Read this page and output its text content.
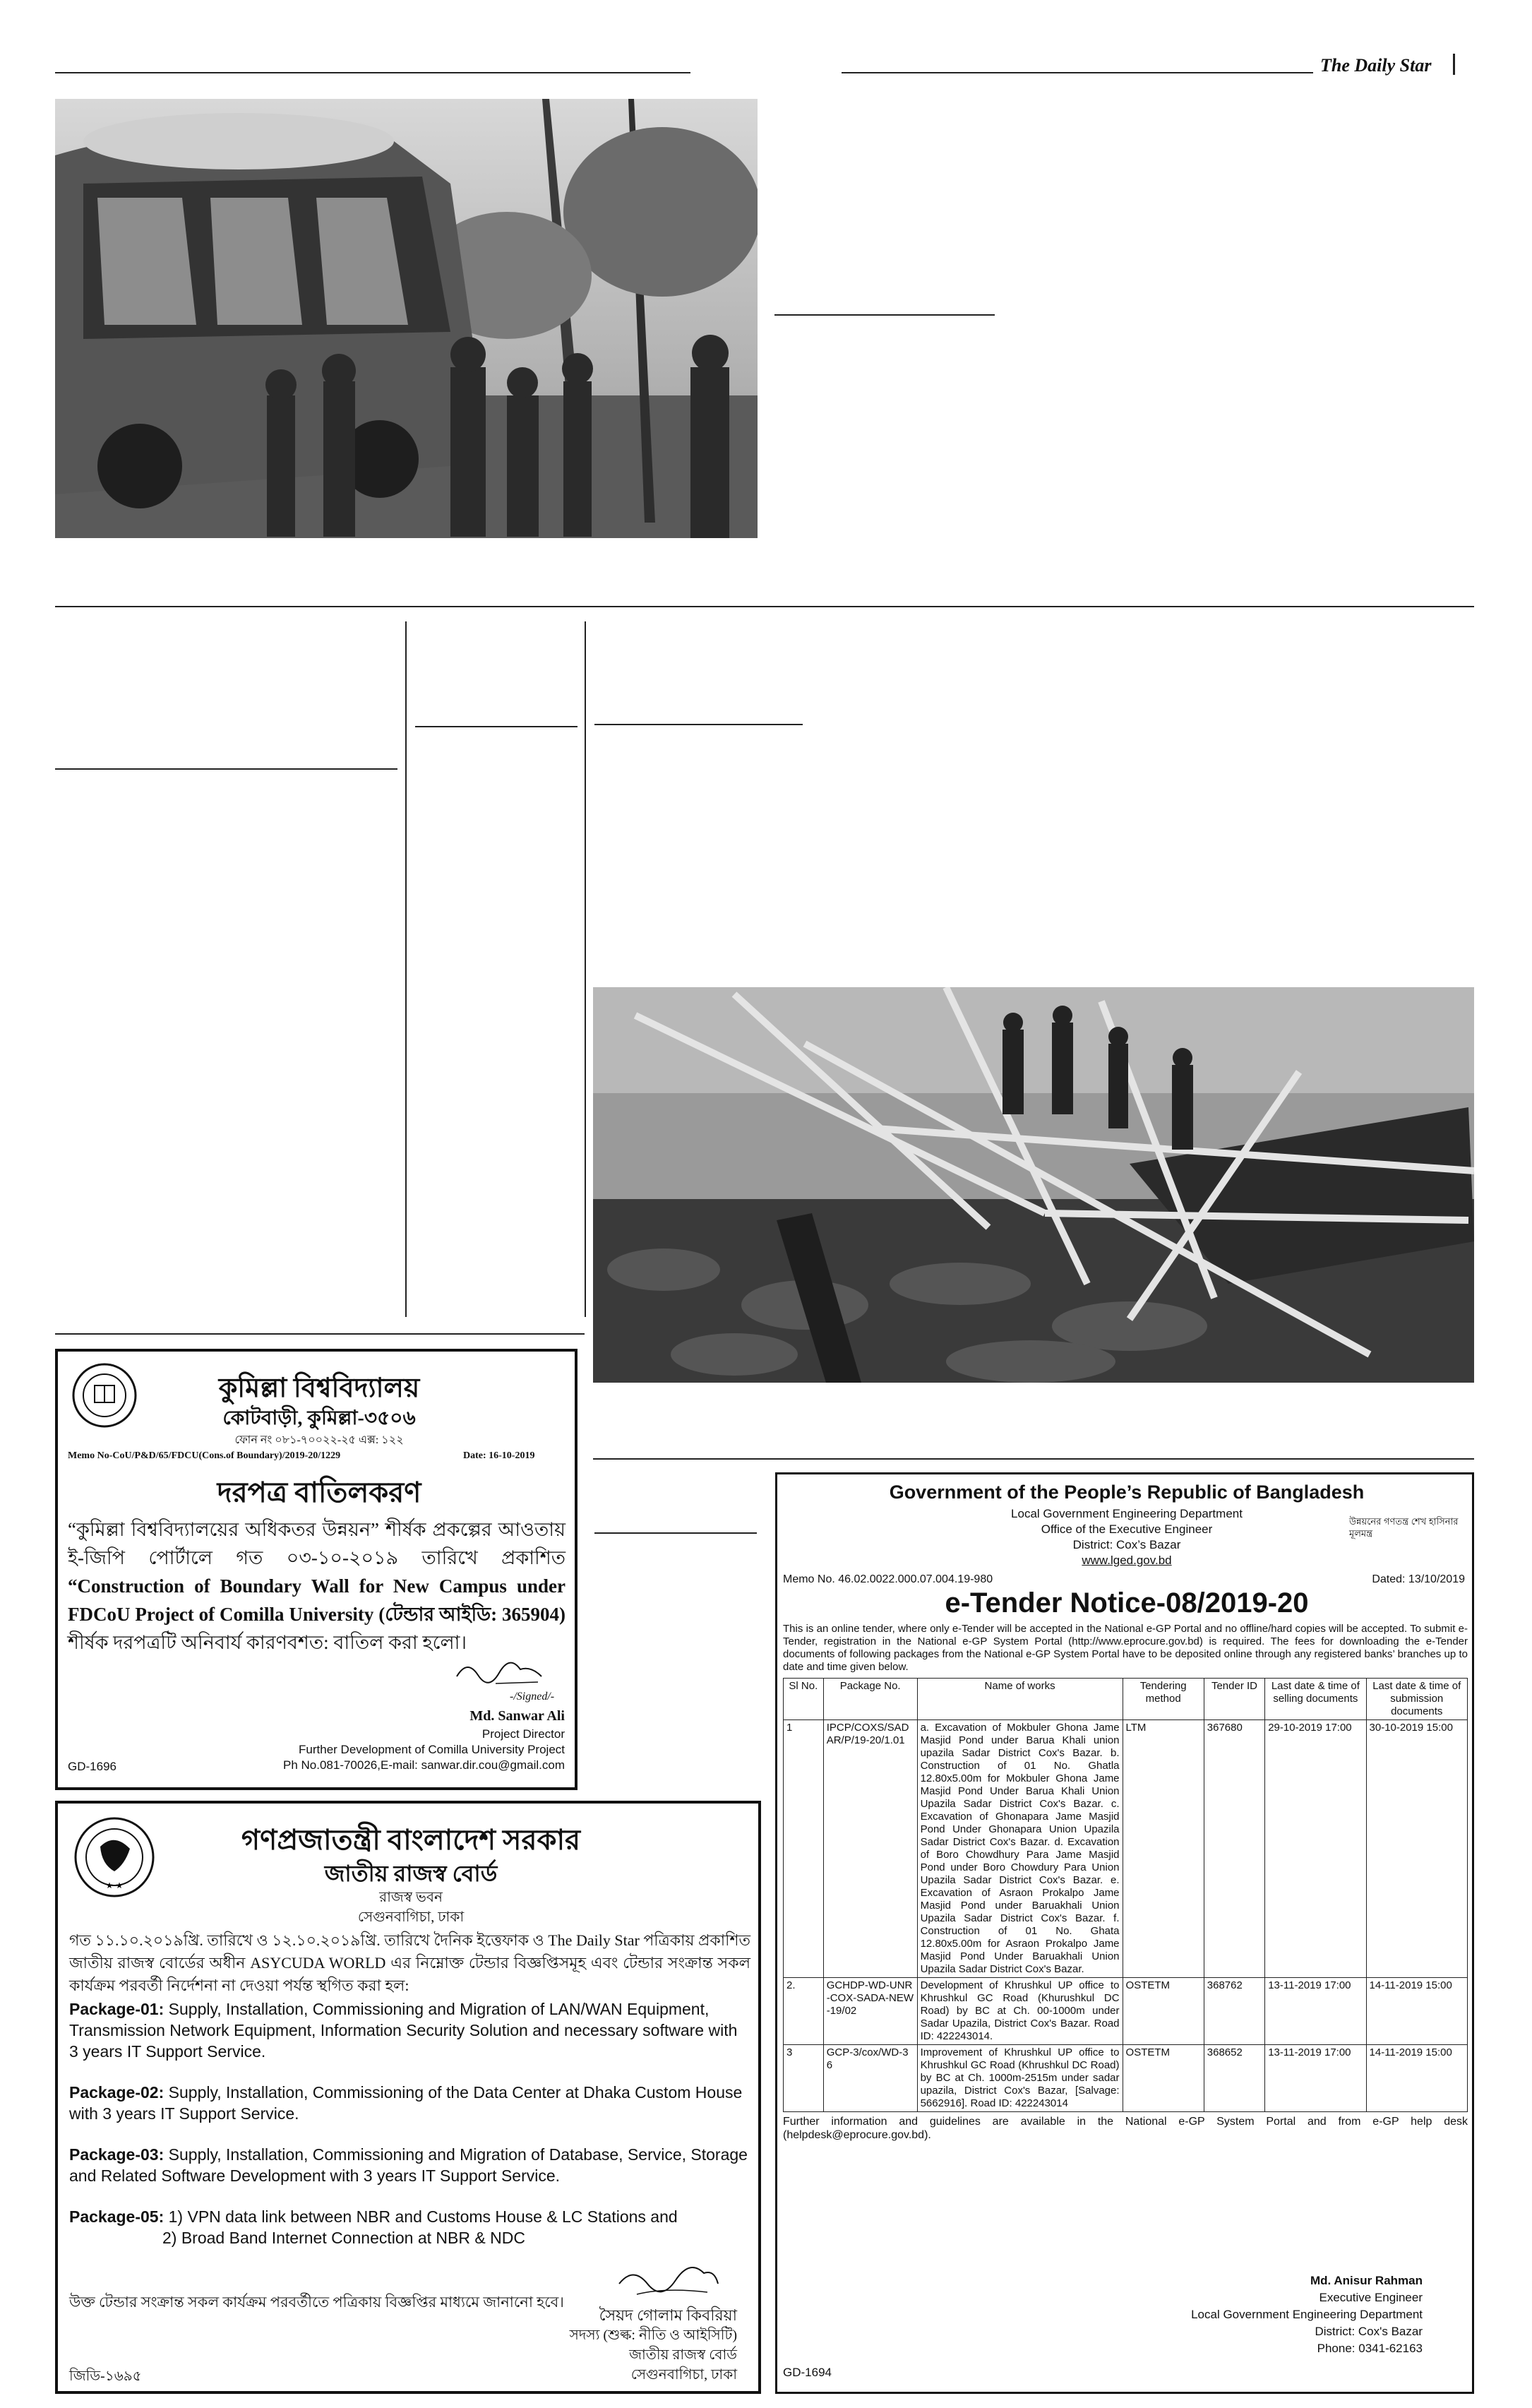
The Daily Star
কুমিল্লা বিশ্ববিদ্যালয়
কোটবাড়ী, কুমিল্লা-৩৫০৬
ফোন নং ০৮১-৭০০২২-২৫ এক্স: ১২২
Memo No-CoU/P&D/65/FDCU(Cons.of Boundary)/2019-20/1229	Date: 16-10-2019
দরপত্র বাতিলকরণ
“কুমিল্লা বিশ্ববিদ্যালয়ের অধিকতর উন্নয়ন” শীর্ষক প্রকল্পের আওতায় ই-জিপি পোর্টালে গত ০৩-১০-২০১৯ তারিখে প্রকাশিত “Construction of Boundary Wall for New Campus under FDCoU Project of Comilla University (টেন্ডার আইডি: 365904) শীর্ষক দরপত্রটি অনিবার্য কারণবশত: বাতিল করা হলো।
-/Signed/-
Md. Sanwar Ali
Project Director
Further Development of Comilla University Project
Ph No.081-70026,E-mail: sanwar.dir.cou@gmail.com
GD-1696
★ ★
গণপ্রজাতন্ত্রী বাংলাদেশ সরকার
জাতীয় রাজস্ব বোর্ড
রাজস্ব ভবন
সেগুনবাগিচা, ঢাকা
গত ১১.১০.২০১৯খ্রি. তারিখে ও ১২.১০.২০১৯খ্রি. তারিখে দৈনিক ইত্তেফাক ও The Daily Star পত্রিকায় প্রকাশিত জাতীয় রাজস্ব বোর্ডের অধীন ASYCUDA WORLD এর নিম্নোক্ত টেন্ডার বিজ্ঞপ্তিসমূহ এবং টেন্ডার সংক্রান্ত সকল কার্যক্রম পরবর্তী নির্দেশনা না দেওয়া পর্যন্ত স্থগিত করা হল:
Package-01: Supply, Installation, Commissioning and Migration of LAN/WAN Equipment, Transmission Network Equipment, Information Security Solution and necessary software with 3 years IT Support Service.
Package-02: Supply, Installation, Commissioning of the Data Center at Dhaka Custom House with 3 years IT Support Service.
Package-03: Supply, Installation, Commissioning and Migration of Database, Service, Storage and Related Software Development with 3 years IT Support Service.
Package-05: 1) VPN data link between NBR and Customs House & LC Stations and
2) Broad Band Internet Connection at NBR & NDC
উক্ত টেন্ডার সংক্রান্ত সকল কার্যক্রম পরবর্তীতে পত্রিকায় বিজ্ঞপ্তির মাধ্যমে জানানো হবে।
সৈয়দ গোলাম কিবরিয়া
সদস্য (শুল্ক: নীতি ও আইসিটি)
জাতীয় রাজস্ব বোর্ড
সেগুনবাগিচা, ঢাকা
জিডি-১৬৯৫
Government of the People’s Republic of Bangladesh
Local Government Engineering Department
Office of the Executive Engineer
District: Cox’s Bazar
www.lged.gov.bd
উন্নয়নের গণতন্ত্র শেখ হাসিনার মূলমন্ত্র
Memo No. 46.02.0022.000.07.004.19-980	Dated: 13/10/2019
e-Tender Notice-08/2019-20
This is an online tender, where only e-Tender will be accepted in the National e-GP Portal and no offline/hard copies will be accepted. To submit e-Tender, registration in the National e-GP System Portal (http://www.eprocure.gov.bd) is required. The fees for downloading the e-Tender documents of following packages from the National e-GP System Portal have to be deposited online through any registered banks’ branches up to date and time given below.
Sl No.	Package No.	Name of works	Tendering method	Tender ID	Last date & time of selling documents	Last date & time of submission documents
1	IPCP/COXS/SADAR/P/19-20/1.01	a. Excavation of Mokbuler Ghona Jame Masjid Pond under Barua Khali union upazila Sadar District Cox's Bazar. b. Construction of 01 No. Ghatla 12.80x5.00m for Mokbuler Ghona Jame Masjid Pond Under Barua Khali Union Upazila Sadar District Cox's Bazar. c. Excavation of Ghonapara Jame Masjid Pond Under Ghonapara Union Upazila Sadar District Cox's Bazar. d. Excavation of Boro Chowdhury Para Jame Masjid Pond under Boro Chowdury Para Union Upazila Sadar District Cox's Bazar. e. Excavation of Asraon Prokalpo Jame Masjid Pond under Baruakhali Union Upazila Sadar District Cox's Bazar. f. Construction of 01 No. Ghata 12.80x5.00m for Asraon Prokalpo Jame Masjid Pond Under Baruakhali Union Upazila Sadar District Cox's Bazar.	LTM	367680	29-10-2019 17:00	30-10-2019 15:00
2.	GCHDP-WD-UNR-COX-SADA-NEW-19/02	Development of Khrushkul UP office to Khrushkul GC Road (Khurushkul DC Road) by BC at Ch. 00-1000m under Sadar Upazila, District Cox's Bazar. Road ID: 422243014.	OSTETM	368762	13-11-2019 17:00	14-11-2019 15:00
3	GCP-3/cox/WD-36	Improvement of Khrushkul UP office to Khrushkul GC Road (Khrushkul DC Road) by BC at Ch. 1000m-2515m under sadar upazila, District Cox's Bazar, [Salvage: 5662916]. Road ID: 422243014	OSTETM	368652	13-11-2019 17:00	14-11-2019 15:00
Further information and guidelines are available in the National e-GP System Portal and from e-GP help desk (helpdesk@eprocure.gov.bd).
Md. Anisur Rahman
Executive Engineer
Local Government Engineering Department
District: Cox's Bazar
Phone: 0341-62163
GD-1694
